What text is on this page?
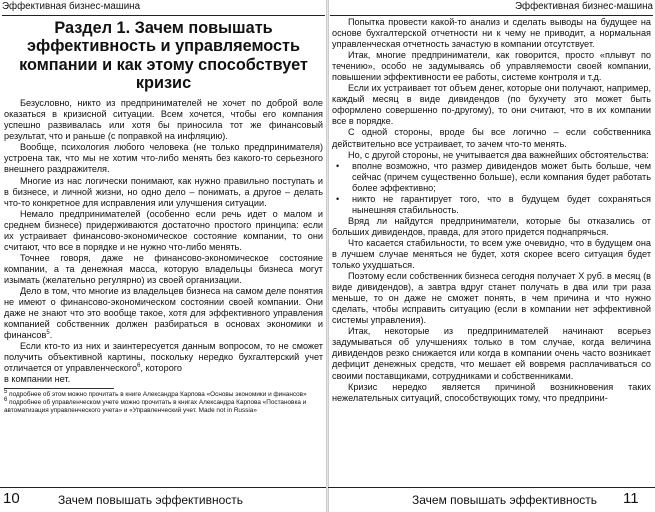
Эффективная бизнес-машина
Раздел 1. Зачем повышать эффективность и управляемость компании и как этому способствует кризис

Безусловно, никто из предпринимателей не хочет по доброй воле оказаться в кризисной ситуации. Всем хочется, чтобы его компания успешно развивалась или хотя бы приносила тот же финансовый результат, что и раньше (с поправкой на инфляцию).

Вообще, психология любого человека (не только предпринимателя) устроена так, что мы не хотим что-либо менять без какого-то серьезного внешнего раздражителя.

Многие из нас логически понимают, как нужно правильно поступать и в бизнесе, и личной жизни, но одно дело – понимать, а другое – делать что-то конкретное для исправления или улучшения ситуации.

Немало предпринимателей (особенно если речь идет о малом и среднем бизнесе) придерживаются достаточно простого принципа: если их устраивает финансово-экономическое состояние компании, то они считают, что все в порядке и не нужно что-либо менять.

Точнее говоря, даже не финансово-экономическое состояние компании, а та денежная масса, которую владельцы бизнеса могут изымать (желательно регулярно) из своей организации.

Дело в том, что многие из владельцев бизнеса на самом деле понятия не имеют о финансово-экономическом состоянии своей компании. Они даже не знают что это вообще такое, хотя для эффективного управления компанией собственник должен разбираться в основах экономики и финансов$^5$.

Если кто-то из них и заинтересуется данным вопросом, то не сможет получить объективной картины, поскольку нередко бухгалтерский учет отличается от управленческого$^6$, которого

в компании нет.

$^5$ подробнее об этом можно прочитать в книге Александра Карпова «Основы экономики и финансов»
$^6$ подробнее об управленческом учете можно прочитать в книгах Александра Карпова «Постановка и автоматизация управленческого учета» и «Управленческий учет. Made not in Russia»
10	Зачем повышать эффективность
Эффективная бизнес-машина

Попытка провести какой-то анализ и сделать выводы на будущее на основе бухгалтерской отчетности ни к чему не приводит, а нормальная управленческая отчетность зачастую в компании отсутствует.

Итак, многие предприниматели, как говорится, просто «плывут по течению», особо не задумываясь об управляемости своей компании, повышении эффективности ее работы, системе контроля и т.д.

Если их устраивает тот объем денег, которые они получают, например, каждый месяц в виде дивидендов (по бухучету это может быть оформлено совершенно по-другому), то они считают, что в их компании все в порядке.

С одной стороны, вроде бы все логично – если собственника действительно все устраивает, то зачем что-то менять.

Но, с другой стороны, не учитывается два важнейших обстоятельства:

• вполне возможно, что размер дивидендов может быть больше, чем сейчас (причем существенно больше), если компания будет работать более эффективно;
• никто не гарантирует того, что в будущем будет сохраняться нынешняя стабильность.

Вряд ли найдутся предприниматели, которые бы отказались от больших дивидендов, правда, для этого придется поднапрячься.

Что касается стабильности, то всем уже очевидно, что в будущем она в лучшем случае меняться не будет, хотя скорее всего ситуация будет только ухудшаться.

Поэтому если собственник бизнеса сегодня получает X руб. в месяц (в виде дивидендов), а завтра вдруг станет получать в два или три раза меньше, то он даже не сможет понять, в чем причина и что нужно сделать, чтобы исправить ситуацию (если в компании нет эффективной системы управления).

Итак, некоторые из предпринимателей начинают всерьез задумываться об улучшениях только в том случае, когда величина дивидендов резко снижается или когда в компании очень часто возникает дефицит денежных средств, что мешает ей вовремя расплачиваться со своими поставщиками, сотрудниками и собственниками.

Кризис нередко является причиной возникновения таких нежелательных ситуаций, способствующих тому, что предприни-

Зачем повышать эффективность 11
